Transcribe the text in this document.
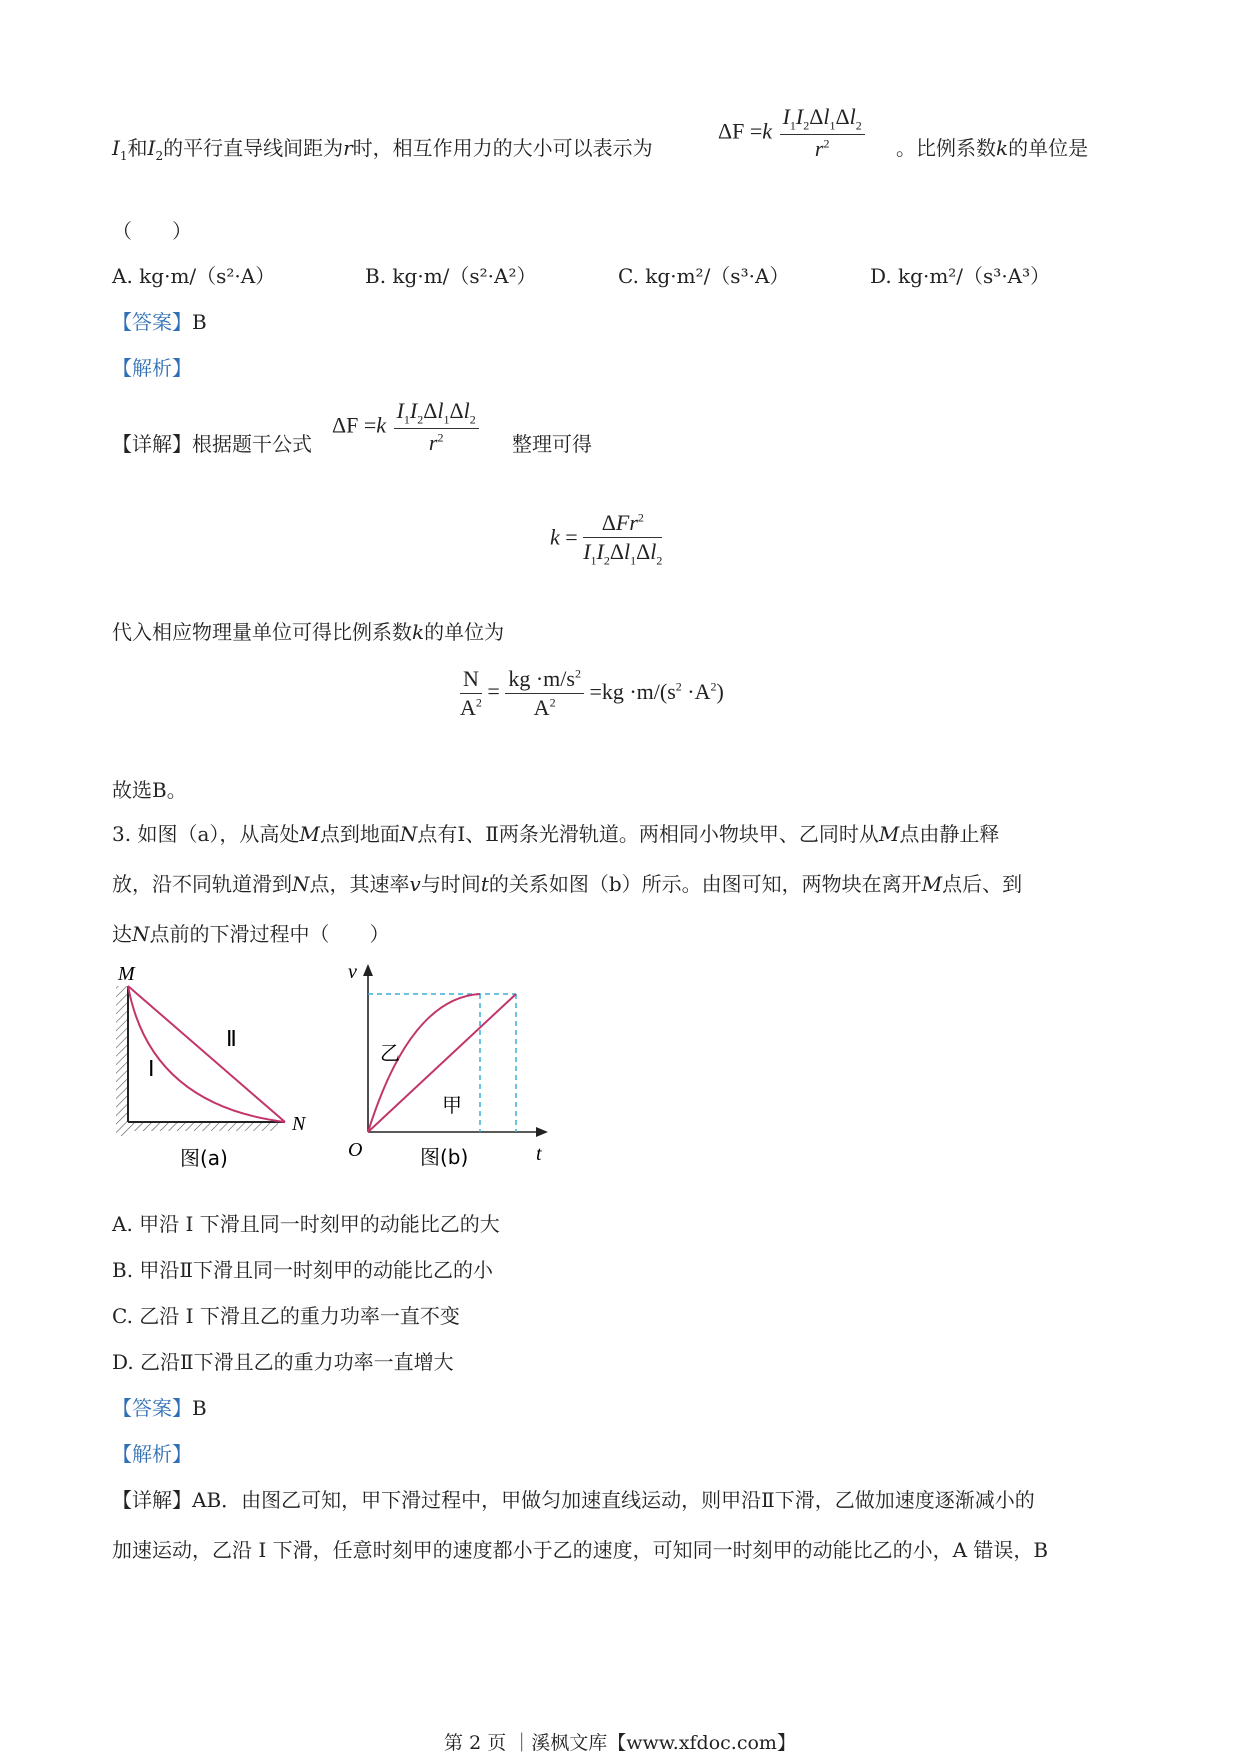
$I_1$和$I_2$的平行直导线间距为r时，相互作用力的大小可以表示为
$\Delta F =k \frac{I_1I_2\Delta l_1\Delta l_2}{r^2}$ 。比例系数k的单位是
（　　）
A. kg·m/（s²·A）	B. kg·m/（s²·A²）	C. kg·m²/（s³·A）	D. kg·m²/（s³·A³）
【答案】B
【解析】
【详解】根据题干公式
$\Delta F =k \frac{I_1I_2\Delta l_1\Delta l_2}{r^2}$ 整理可得
$k = \frac{\Delta Fr^2}{I_1I_2\Delta l_1\Delta l_2}$
代入相应物理量单位可得比例系数k的单位为
$\frac{N}{A^2} = \frac{kg \cdot m/s^2}{A^2} =kg \cdot m/(s^2 \cdot A^2)$
故选B。
3. 如图（a），从高处M点到地面N点有Ⅰ、Ⅱ两条光滑轨道。两相同小物块甲、乙同时从M点由静止释
放，沿不同轨道滑到N点，其速率v与时间t的关系如图（b）所示。由图可知，两物块在离开M点后、到
达N点前的下滑过程中（　　）
M
N
Ⅰ
Ⅱ
图(a)
v
t
O
乙
甲
图(b)
A. 甲沿 I 下滑且同一时刻甲的动能比乙的大
B. 甲沿Ⅱ下滑且同一时刻甲的动能比乙的小
C. 乙沿 I 下滑且乙的重力功率一直不变
D. 乙沿Ⅱ下滑且乙的重力功率一直增大
【答案】B
【解析】
【详解】AB．由图乙可知，甲下滑过程中，甲做匀加速直线运动，则甲沿Ⅱ下滑，乙做加速度逐渐减小的
加速运动，乙沿 I 下滑，任意时刻甲的速度都小于乙的速度，可知同一时刻甲的动能比乙的小，A 错误，B
第 2 页 ｜溪枫文库【www.xfdoc.com】
